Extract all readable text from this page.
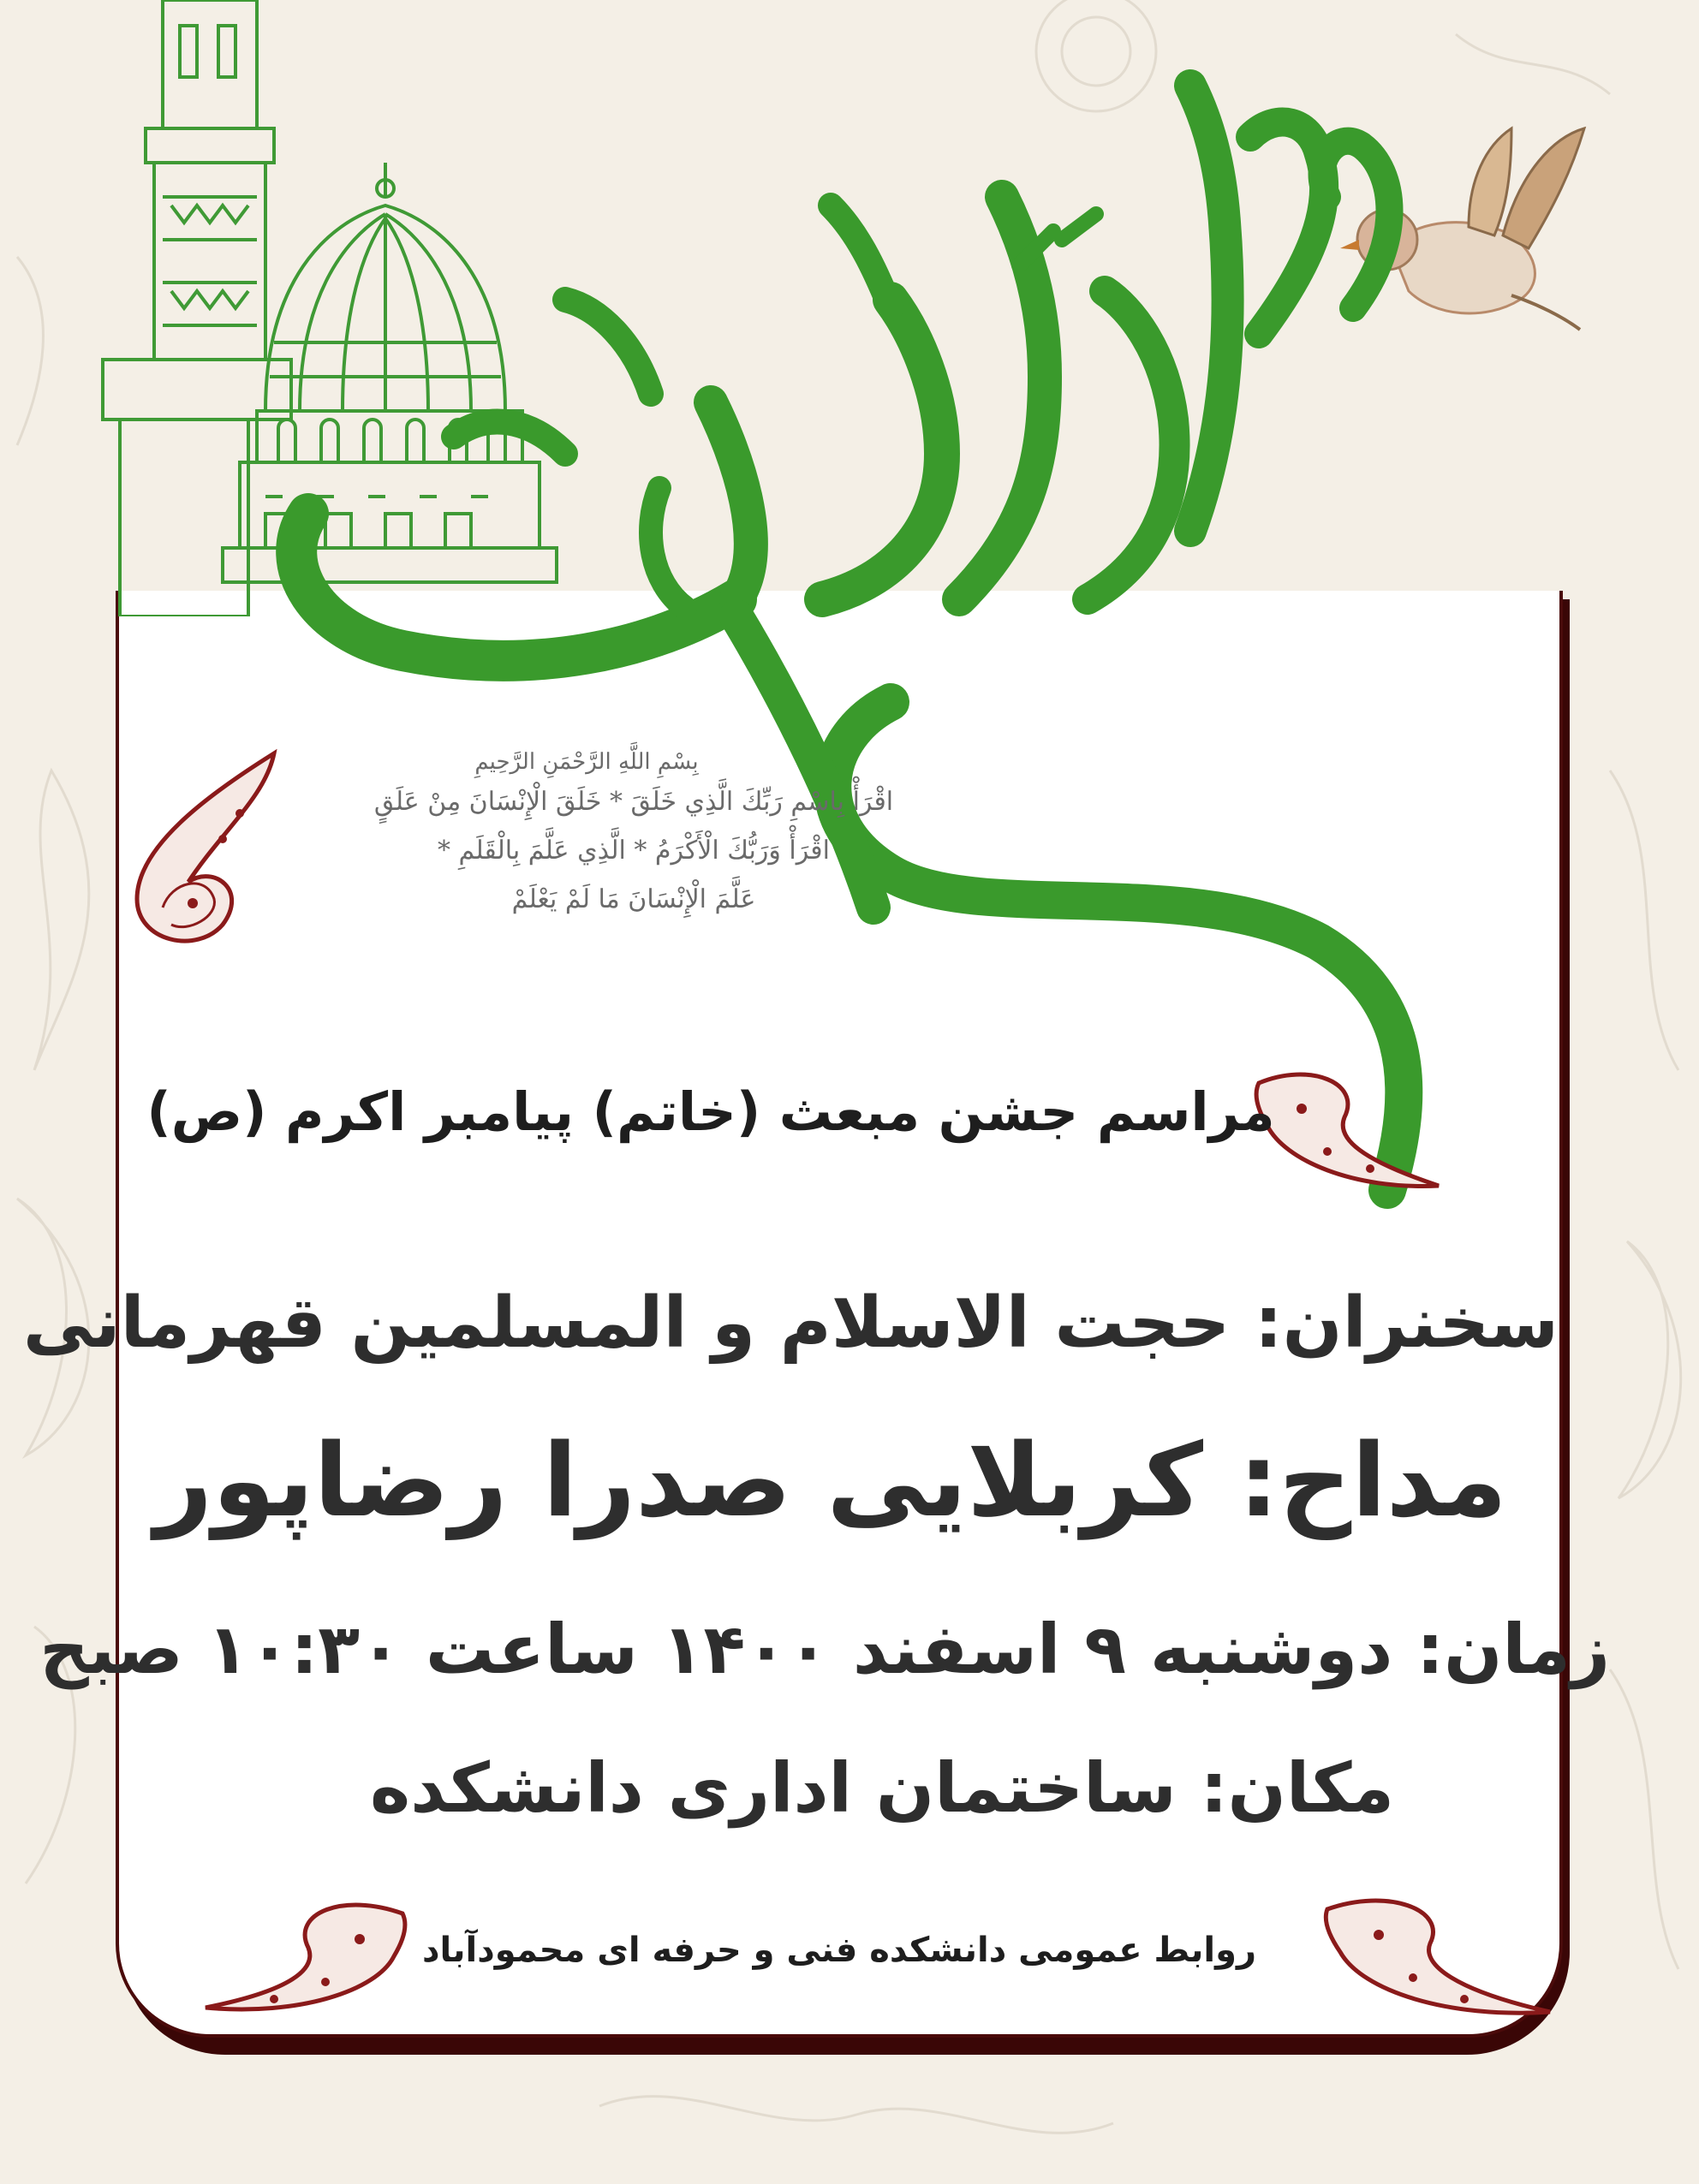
بِسْمِ اللَّهِ الرَّحْمَنِ الرَّحِيمِ
اقْرَأْ بِاسْمِ رَبِّكَ الَّذِي خَلَقَ * خَلَقَ الْإِنْسَانَ مِنْ عَلَقٍ
اقْرَأْ وَرَبُّكَ الْأَكْرَمُ * الَّذِي عَلَّمَ بِالْقَلَمِ *
عَلَّمَ الْإِنْسَانَ مَا لَمْ يَعْلَمْ
مراسم جشن مبعث (خاتم) پیامبر اکرم (ص)
سخنران: حجت الاسلام و المسلمین قهرمانی
مداح: کربلایی صدرا رضاپور
زمان: دوشنبه ۹ اسفند ۱۴۰۰ ساعت ۱۰:۳۰ صبح
مکان: ساختمان اداری دانشکده
روابط عمومی دانشکده فنی و حرفه ای محمودآباد
